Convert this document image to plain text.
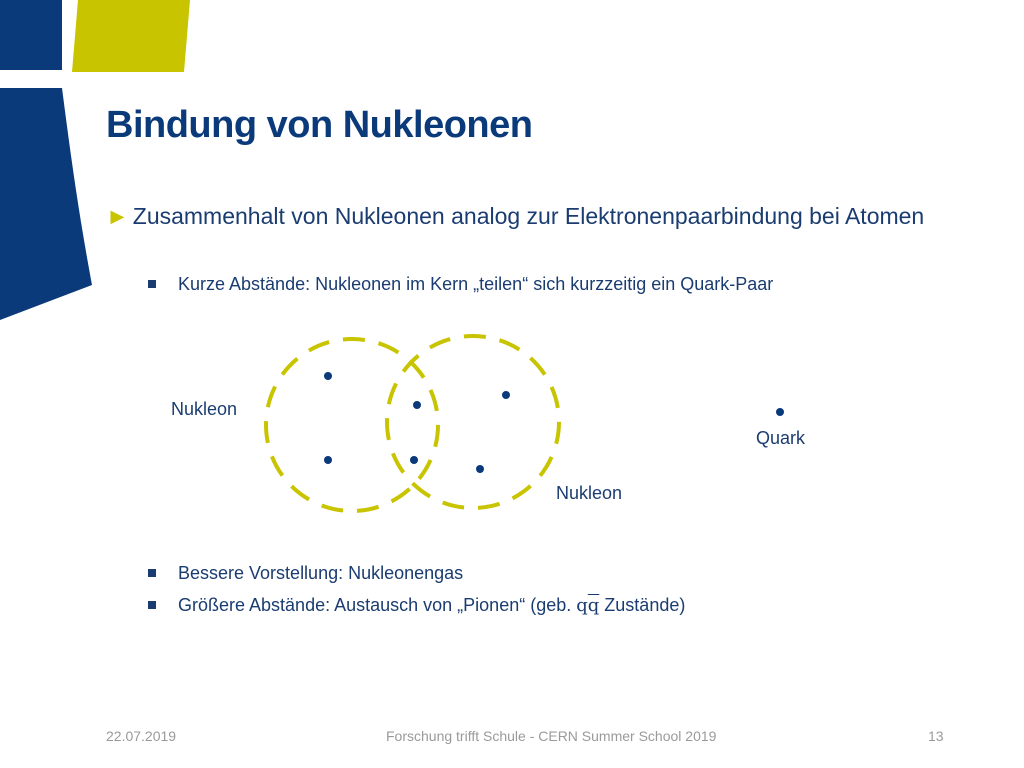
Bindung von Nukleonen
► Zusammenhalt von Nukleonen analog zur Elektronenpaarbindung bei Atomen
Kurze Abstände: Nukleonen im Kern „teilen“ sich kurzzeitig ein Quark-Paar
Nukleon
Nukleon
Quark
Bessere Vorstellung: Nukleonengas
Größere Abstände: Austausch von „Pionen“ (geb. $q\overline{q}$ Zustände)
22.07.2019	Forschung trifft Schule - CERN Summer School 2019	13
